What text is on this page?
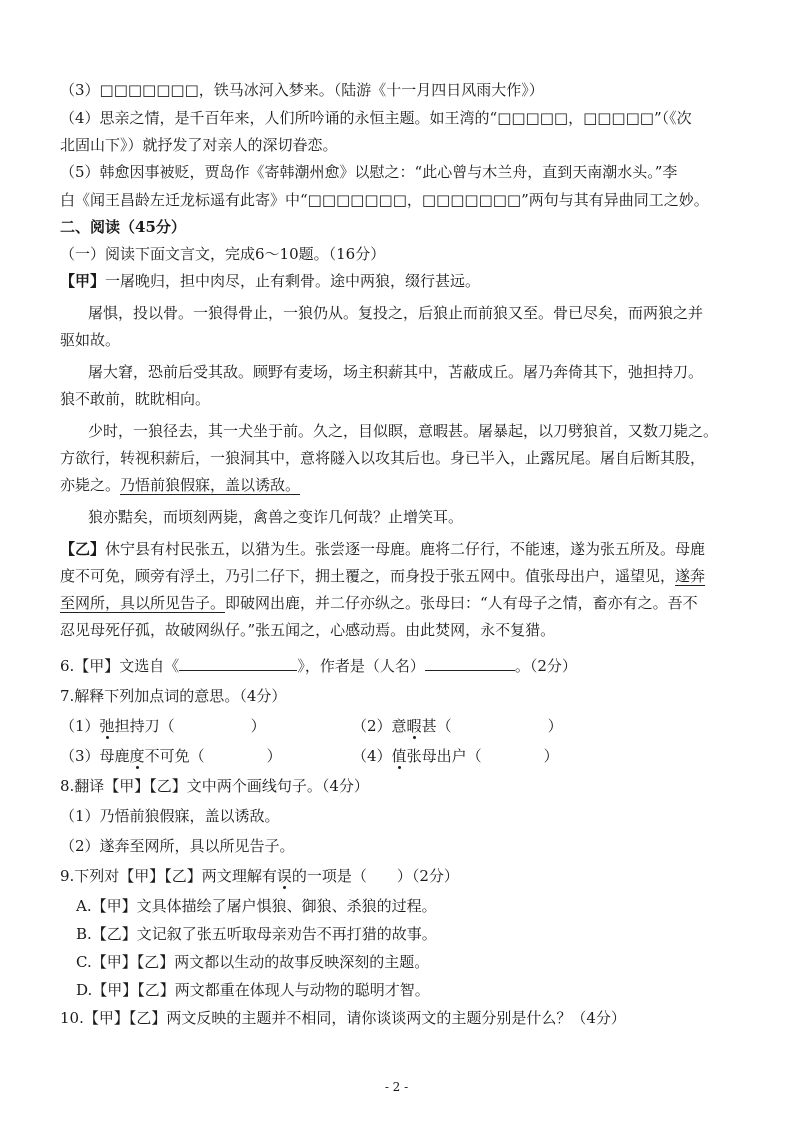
（3）□□□□□□□，铁马冰河入梦来。（陆游《十一月四日风雨大作》）
（4）思亲之情，是千百年来，人们所吟诵的永恒主题。如王湾的“□□□□□，□□□□□”（《次
北固山下》）就抒发了对亲人的深切眷恋。
（5）韩愈因事被贬，贾岛作《寄韩潮州愈》以慰之：“此心曾与木兰舟，直到天南潮水头。”李
白《闻王昌龄左迁龙标遥有此寄》中“□□□□□□□，□□□□□□□”两句与其有异曲同工之妙。
二、阅读（45分）
（一）阅读下面文言文，完成6～10题。（16分）
【甲】一屠晚归，担中肉尽，止有剩骨。途中两狼，缀行甚远。
屠惧，投以骨。一狼得骨止，一狼仍从。复投之，后狼止而前狼又至。骨已尽矣，而两狼之并
驱如故。
屠大窘，恐前后受其敌。顾野有麦场，场主积薪其中，苫蔽成丘。屠乃奔倚其下，弛担持刀。
狼不敢前，眈眈相向。
少时，一狼径去，其一犬坐于前。久之，目似瞑，意暇甚。屠暴起，以刀劈狼首，又数刀毙之。
方欲行，转视积薪后，一狼洞其中，意将隧入以攻其后也。身已半入，止露尻尾。屠自后断其股，
亦毙之。乃悟前狼假寐，盖以诱敌。
狼亦黠矣，而顷刻两毙，禽兽之变诈几何哉？止增笑耳。
【乙】休宁县有村民张五，以猎为生。张尝逐一母鹿。鹿将二仔行，不能速，遂为张五所及。母鹿
度不可免，顾旁有浮土，乃引二仔下，拥土覆之，而身投于张五网中。值张母出户，遥望见，遂奔
至网所，具以所见告子。即破网出鹿，并二仔亦纵之。张母曰：“人有母子之情，畜亦有之。吾不
忍见母死仔孤，故破网纵仔。”张五闻之，心感动焉。由此焚网，永不复猎。
6.【甲】文选自《	》，作者是（人名）	。（2分）
7.解释下列加点词的意思。（4分）
（1）弛担持刀（	）	（2）意暇甚（	）
（3）母鹿度不可免（	）	（4）值张母出户（	）
8.翻译【甲】【乙】文中两个画线句子。（4分）
（1）乃悟前狼假寐，盖以诱敌。
（2）遂奔至网所，具以所见告子。
9.下列对【甲】【乙】两文理解有误的一项是（　　）（2分）
A.【甲】文具体描绘了屠户惧狼、御狼、杀狼的过程。
B.【乙】文记叙了张五听取母亲劝告不再打猎的故事。
C.【甲】【乙】两文都以生动的故事反映深刻的主题。
D.【甲】【乙】两文都重在体现人与动物的聪明才智。
10.【甲】【乙】两文反映的主题并不相同，请你谈谈两文的主题分别是什么？（4分）
- 2 -
